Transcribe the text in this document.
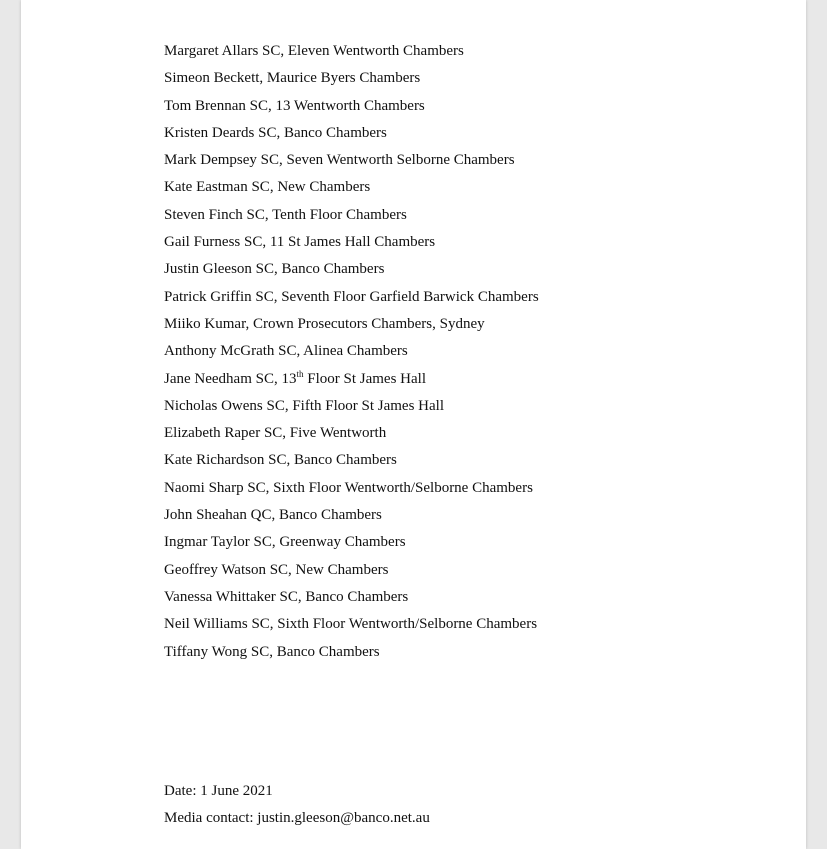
Margaret Allars SC, Eleven Wentworth Chambers
Simeon Beckett, Maurice Byers Chambers
Tom Brennan SC, 13 Wentworth Chambers
Kristen Deards SC, Banco Chambers
Mark Dempsey SC, Seven Wentworth Selborne Chambers
Kate Eastman SC, New Chambers
Steven Finch SC, Tenth Floor Chambers
Gail Furness SC, 11 St James Hall Chambers
Justin Gleeson SC, Banco Chambers
Patrick Griffin SC, Seventh Floor Garfield Barwick Chambers
Miiko Kumar, Crown Prosecutors Chambers, Sydney
Anthony McGrath SC, Alinea Chambers
Jane Needham SC, 13th Floor St James Hall
Nicholas Owens SC, Fifth Floor St James Hall
Elizabeth Raper SC, Five Wentworth
Kate Richardson SC, Banco Chambers
Naomi Sharp SC, Sixth Floor Wentworth/Selborne Chambers
John Sheahan QC, Banco Chambers
Ingmar Taylor SC, Greenway Chambers
Geoffrey Watson SC, New Chambers
Vanessa Whittaker SC, Banco Chambers
Neil Williams SC, Sixth Floor Wentworth/Selborne Chambers
Tiffany Wong SC, Banco Chambers
Date: 1 June 2021
Media contact: justin.gleeson@banco.net.au
